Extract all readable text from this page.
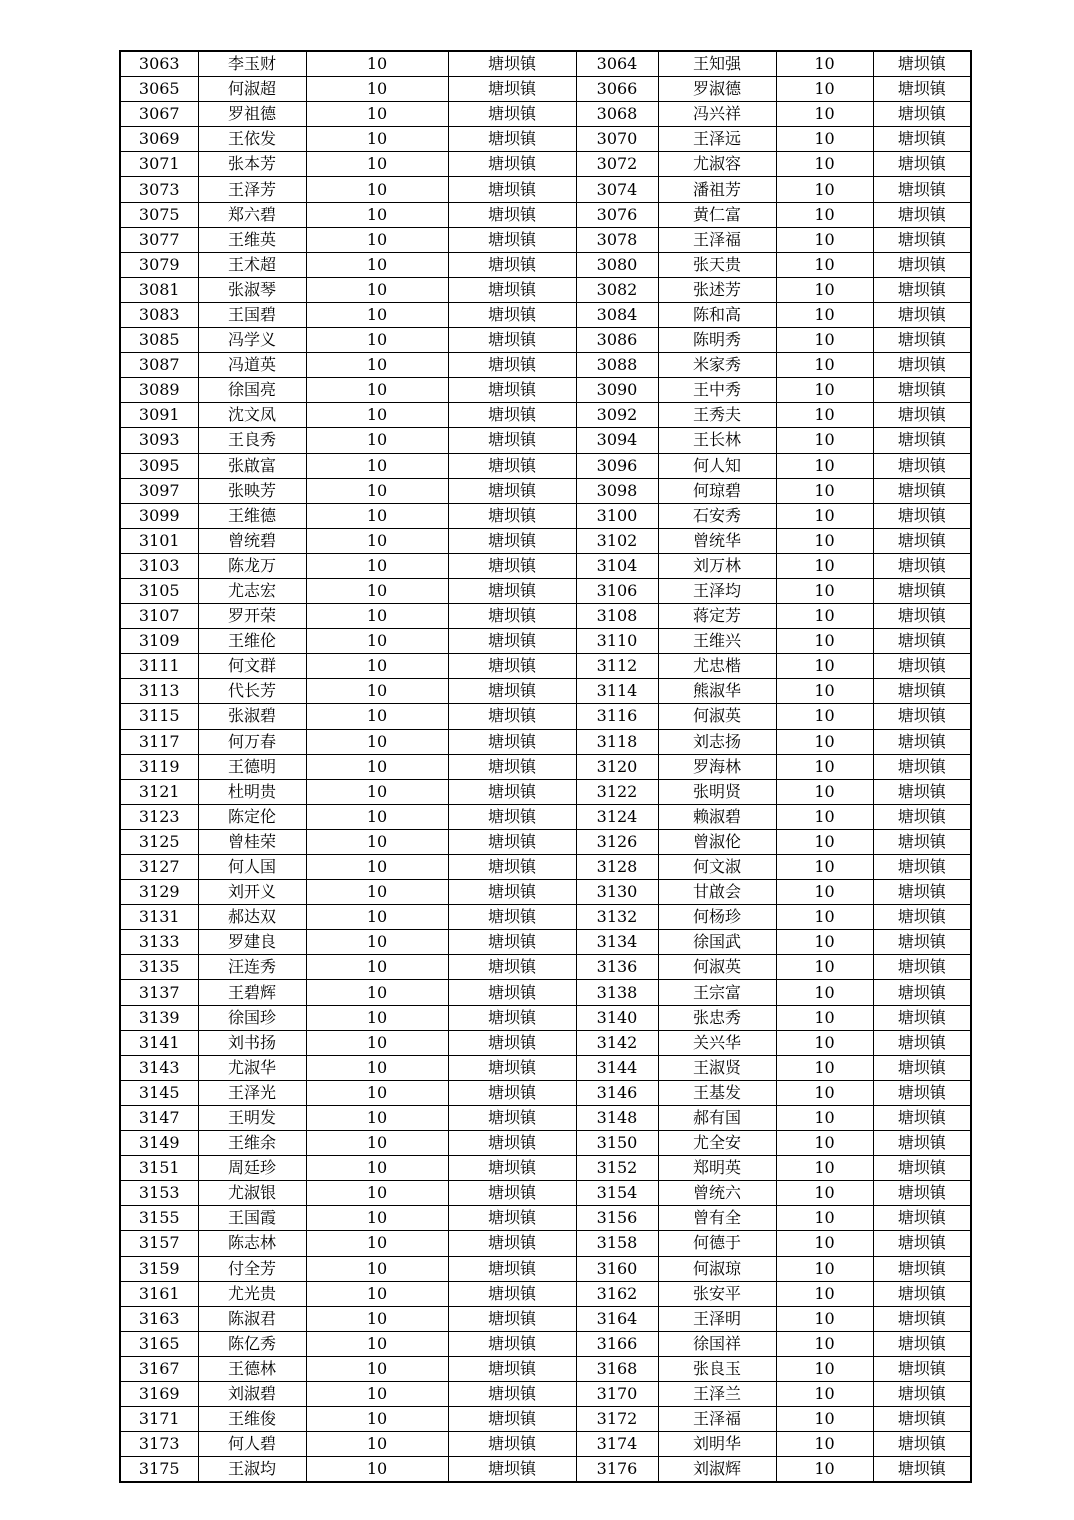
3063	李玉财	10	塘坝镇	3064	王知强	10	塘坝镇
3065	何淑超	10	塘坝镇	3066	罗淑德	10	塘坝镇
3067	罗祖德	10	塘坝镇	3068	冯兴祥	10	塘坝镇
3069	王依发	10	塘坝镇	3070	王泽远	10	塘坝镇
3071	张本芳	10	塘坝镇	3072	尤淑容	10	塘坝镇
3073	王泽芳	10	塘坝镇	3074	潘祖芳	10	塘坝镇
3075	郑六碧	10	塘坝镇	3076	黄仁富	10	塘坝镇
3077	王维英	10	塘坝镇	3078	王泽福	10	塘坝镇
3079	王术超	10	塘坝镇	3080	张天贵	10	塘坝镇
3081	张淑琴	10	塘坝镇	3082	张述芳	10	塘坝镇
3083	王国碧	10	塘坝镇	3084	陈和高	10	塘坝镇
3085	冯学义	10	塘坝镇	3086	陈明秀	10	塘坝镇
3087	冯道英	10	塘坝镇	3088	米家秀	10	塘坝镇
3089	徐国亮	10	塘坝镇	3090	王中秀	10	塘坝镇
3091	沈文凤	10	塘坝镇	3092	王秀夫	10	塘坝镇
3093	王良秀	10	塘坝镇	3094	王长林	10	塘坝镇
3095	张啟富	10	塘坝镇	3096	何人知	10	塘坝镇
3097	张映芳	10	塘坝镇	3098	何琼碧	10	塘坝镇
3099	王维德	10	塘坝镇	3100	石安秀	10	塘坝镇
3101	曾统碧	10	塘坝镇	3102	曾统华	10	塘坝镇
3103	陈龙万	10	塘坝镇	3104	刘万林	10	塘坝镇
3105	尤志宏	10	塘坝镇	3106	王泽均	10	塘坝镇
3107	罗开荣	10	塘坝镇	3108	蒋定芳	10	塘坝镇
3109	王维伦	10	塘坝镇	3110	王维兴	10	塘坝镇
3111	何文群	10	塘坝镇	3112	尤忠楷	10	塘坝镇
3113	代长芳	10	塘坝镇	3114	熊淑华	10	塘坝镇
3115	张淑碧	10	塘坝镇	3116	何淑英	10	塘坝镇
3117	何万春	10	塘坝镇	3118	刘志扬	10	塘坝镇
3119	王德明	10	塘坝镇	3120	罗海林	10	塘坝镇
3121	杜明贵	10	塘坝镇	3122	张明贤	10	塘坝镇
3123	陈定伦	10	塘坝镇	3124	赖淑碧	10	塘坝镇
3125	曾桂荣	10	塘坝镇	3126	曾淑伦	10	塘坝镇
3127	何人国	10	塘坝镇	3128	何文淑	10	塘坝镇
3129	刘开义	10	塘坝镇	3130	甘啟会	10	塘坝镇
3131	郝达双	10	塘坝镇	3132	何杨珍	10	塘坝镇
3133	罗建良	10	塘坝镇	3134	徐国武	10	塘坝镇
3135	汪连秀	10	塘坝镇	3136	何淑英	10	塘坝镇
3137	王碧辉	10	塘坝镇	3138	王宗富	10	塘坝镇
3139	徐国珍	10	塘坝镇	3140	张忠秀	10	塘坝镇
3141	刘书扬	10	塘坝镇	3142	关兴华	10	塘坝镇
3143	尤淑华	10	塘坝镇	3144	王淑贤	10	塘坝镇
3145	王泽光	10	塘坝镇	3146	王基发	10	塘坝镇
3147	王明发	10	塘坝镇	3148	郝有国	10	塘坝镇
3149	王维余	10	塘坝镇	3150	尤全安	10	塘坝镇
3151	周廷珍	10	塘坝镇	3152	郑明英	10	塘坝镇
3153	尤淑银	10	塘坝镇	3154	曾统六	10	塘坝镇
3155	王国霞	10	塘坝镇	3156	曾有全	10	塘坝镇
3157	陈志林	10	塘坝镇	3158	何德于	10	塘坝镇
3159	付全芳	10	塘坝镇	3160	何淑琼	10	塘坝镇
3161	尤光贵	10	塘坝镇	3162	张安平	10	塘坝镇
3163	陈淑君	10	塘坝镇	3164	王泽明	10	塘坝镇
3165	陈亿秀	10	塘坝镇	3166	徐国祥	10	塘坝镇
3167	王德林	10	塘坝镇	3168	张良玉	10	塘坝镇
3169	刘淑碧	10	塘坝镇	3170	王泽兰	10	塘坝镇
3171	王维俊	10	塘坝镇	3172	王泽福	10	塘坝镇
3173	何人碧	10	塘坝镇	3174	刘明华	10	塘坝镇
3175	王淑均	10	塘坝镇	3176	刘淑辉	10	塘坝镇
